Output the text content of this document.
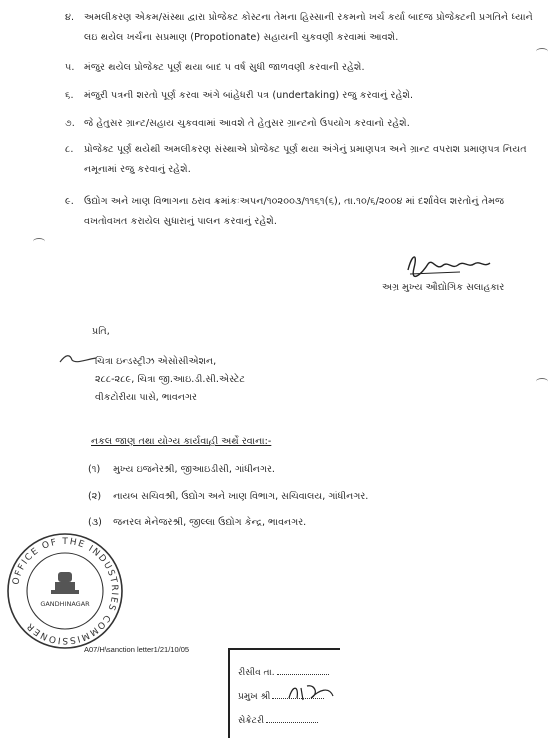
૪.	અમલીકરણ એકમ/સંસ્થા દ્વારા પ્રોજેક્ટ કોસ્ટના તેમના હિસ્સાની રકમનો ખર્ચ કર્યા બાદજ પ્રોજેક્ટની પ્રગતિને ધ્યાને લઇ થયેલ ખર્ચના સપ્રમાણ (Propotionate) સહાયની ચુકવણી કરવામાં આવશે.
૫. મંજુર થયેલ પ્રોજેક્ટ પૂર્ણ થયા બાદ ૫ વર્ષ સુધી જાળવણી કરવાની રહેશે.
૬.	મંજુરી પત્રની શરતો પૂર્ણ કરવા અંગે બાંહેધરી પત્ર (undertaking) રજુ કરવાનું રહેશે.
૭. જે હેતુસર ગ્રાન્ટ/સહાય ચુકવવામાં આવશે તે હેતુસર ગ્રાન્ટનો ઉપયોગ કરવાનો રહેશે.
૮.	પ્રોજેક્ટ પૂર્ણ થયેથી અમલીકરણ સંસ્થાએ પ્રોજેક્ટ પૂર્ણ થયા અંગેનું પ્રમાણપત્ર અને ગ્રાન્ટ વપરાશ પ્રમાણપત્ર નિયત નમૂનામાં રજુ કરવાનું રહેશે.
૯.	ઉદ્યોગ અને ખાણ વિભાગના ઠરાવ ક્રમાંકઃઅપન/૧૦૨૦૦૩/૧૧૬૧(૬), તા.૧૦/૬/૨૦૦૪ માં દર્શાવેલ શરતોનું તેમજ વખતોવખત કરાયેલ સુધારાનું પાલન કરવાનું રહેશે.
અગ્ર મુખ્ય ઔદ્યોગિક સલાહકાર
પ્રતિ,
ચિત્રા ઇન્ડસ્ટ્રીઝ એસોસીએશન,
૨૮૮-૨૮૯, ચિત્રા જી.આઇ.ડી.સી.એસ્ટેટ
વીકટોરીયા પાસે, ભાવનગર
નકલ જાણ તથા યોગ્ય કાર્યવાહી અર્થે રવાના:-
(૧) મુખ્ય ઇજનેરશ્રી, જીઆઇડીસી, ગાંધીનગર.
(૨) નાયબ સચિવશ્રી, ઉદ્યોગ અને ખાણ વિભાગ, સચિવાલય, ગાંધીનગર.
(૩) જનરલ મેનેજરશ્રી, જીલ્લા ઉદ્યોગ કેન્દ્ર, ભાવનગર.
OFFICE OF THE INDUSTRIES COMMISSIONER
GANDHINAGAR
A07/H\sanction letter1/21/10/05
રીસીવ તા.
પ્રમુખ શ્રી
સેક્રેટરી
